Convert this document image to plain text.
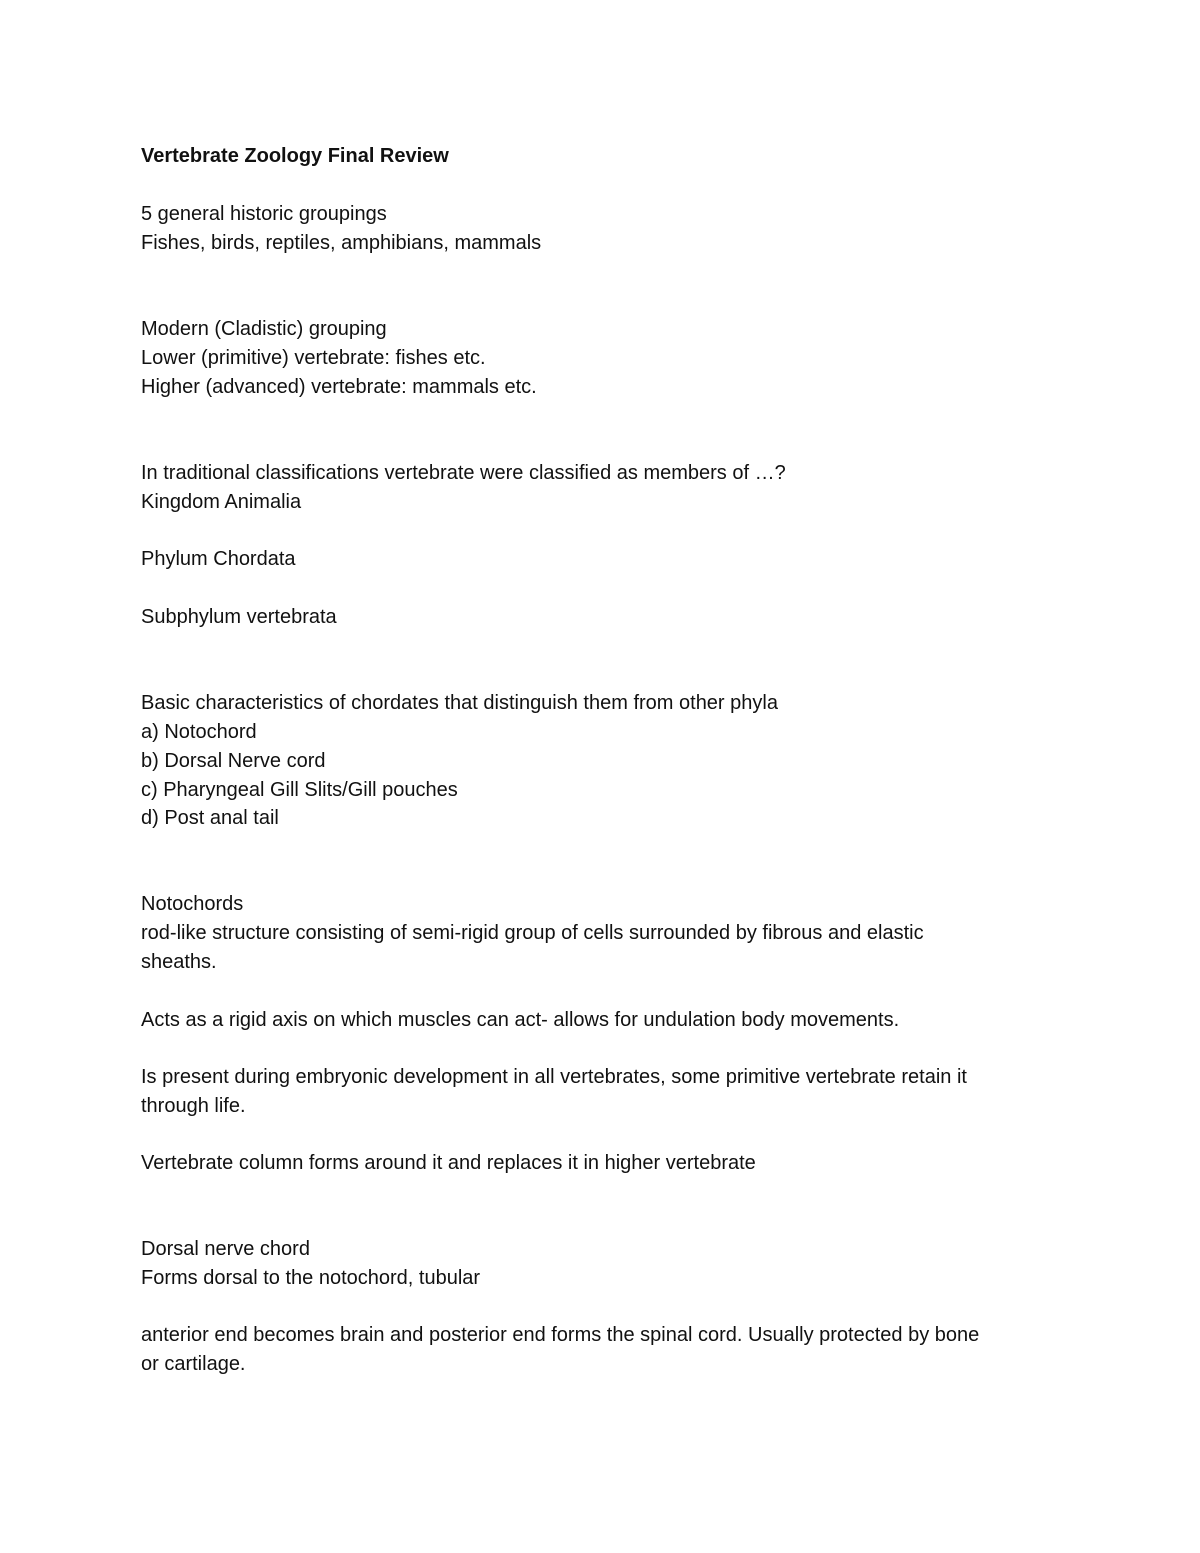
Vertebrate Zoology Final Review

5 general historic groupings

Fishes, birds, reptiles, amphibians, mammals

Modern (Cladistic) grouping

Lower (primitive) vertebrate: fishes etc.

Higher (advanced) vertebrate: mammals etc.

In traditional classifications vertebrate were classified as members of …?

Kingdom Animalia

Phylum Chordata

Subphylum vertebrata

Basic characteristics of chordates that distinguish them from other phyla

a) Notochord

b) Dorsal Nerve cord

c) Pharyngeal Gill Slits/Gill pouches

d) Post anal tail

Notochords

rod-like structure consisting of semi-rigid group of cells surrounded by fibrous and elastic

sheaths.

Acts as a rigid axis on which muscles can act- allows for undulation body movements.

Is present during embryonic development in all vertebrates, some primitive vertebrate retain it

through life.

Vertebrate column forms around it and replaces it in higher vertebrate

Dorsal nerve chord

Forms dorsal to the notochord, tubular

anterior end becomes brain and posterior end forms the spinal cord. Usually protected by bone

or cartilage.
